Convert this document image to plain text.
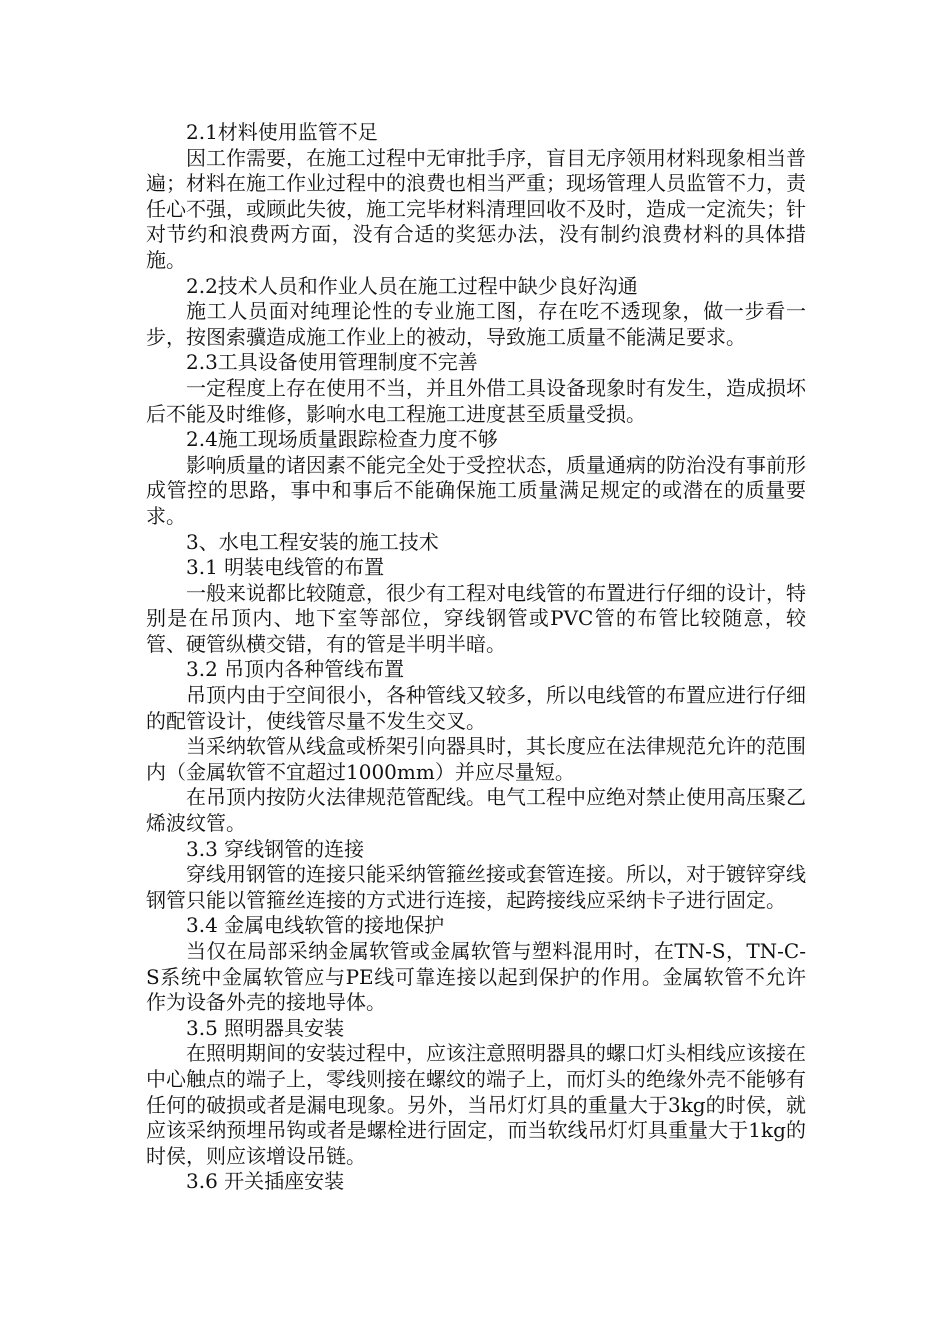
2.1材料使用监管不足

因工作需要，在施工过程中无审批手序，盲目无序领用材料现象相当普遍；材料在施工作业过程中的浪费也相当严重；现场管理人员监管不力，责任心不强，或顾此失彼，施工完毕材料清理回收不及时，造成一定流失；针对节约和浪费两方面，没有合适的奖惩办法，没有制约浪费材料的具体措施。

2.2技术人员和作业人员在施工过程中缺少良好沟通

施工人员面对纯理论性的专业施工图，存在吃不透现象，做一步看一步，按图索骥造成施工作业上的被动，导致施工质量不能满足要求。

2.3工具设备使用管理制度不完善

一定程度上存在使用不当，并且外借工具设备现象时有发生，造成损坏后不能及时维修，影响水电工程施工进度甚至质量受损。

2.4施工现场质量跟踪检查力度不够

影响质量的诸因素不能完全处于受控状态，质量通病的防治没有事前形成管控的思路，事中和事后不能确保施工质量满足规定的或潜在的质量要求。

3、水电工程安装的施工技术

3.1 明装电线管的布置

一般来说都比较随意，很少有工程对电线管的布置进行仔细的设计，特别是在吊顶内、地下室等部位，穿线钢管或PVC管的布管比较随意，较管、硬管纵横交错，有的管是半明半暗。

3.2 吊顶内各种管线布置

吊顶内由于空间很小，各种管线又较多，所以电线管的布置应进行仔细的配管设计，使线管尽量不发生交叉。

当采纳软管从线盒或桥架引向器具时，其长度应在法律规范允许的范围内（金属软管不宜超过1000mm）并应尽量短。

在吊顶内按防火法律规范管配线。电气工程中应绝对禁止使用高压聚乙烯波纹管。

3.3 穿线钢管的连接

穿线用钢管的连接只能采纳管箍丝接或套管连接。所以，对于镀锌穿线钢管只能以管箍丝连接的方式进行连接，起跨接线应采纳卡子进行固定。

3.4 金属电线软管的接地保护

当仅在局部采纳金属软管或金属软管与塑料混用时，在TN-S，TN-C-S系统中金属软管应与PE线可靠连接以起到保护的作用。金属软管不允许作为设备外壳的接地导体。

3.5 照明器具安装

在照明期间的安装过程中，应该注意照明器具的螺口灯头相线应该接在中心触点的端子上，零线则接在螺纹的端子上，而灯头的绝缘外壳不能够有任何的破损或者是漏电现象。另外，当吊灯灯具的重量大于3kg的时侯，就应该采纳预埋吊钩或者是螺栓进行固定，而当软线吊灯灯具重量大于1kg的时侯，则应该增设吊链。

3.6 开关插座安装
